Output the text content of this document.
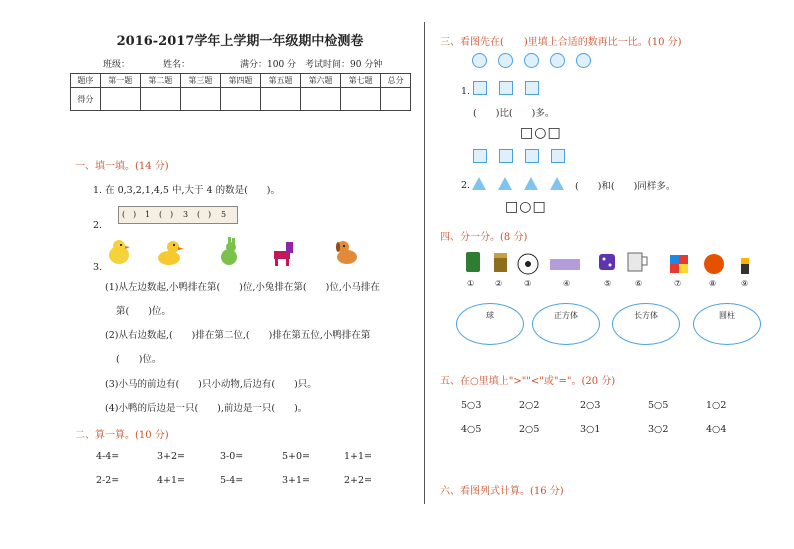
2016-2017学年上学期一年级期中检测卷
班级：	姓名：	满分：100 分 考试时间：90 分钟
题序	第一题	第二题	第三题	第四题	第五题	第六题	第七题	总分
得分								
一、填一填。(14 分)
1. 在 0,3,2,1,4,5 中,大于 4 的数是(　　)。
2.
( ) 1 ( ) 3 ( ) 5
3.
(1)从左边数起,小鸭排在第(　　)位,小兔排在第(　　)位,小马排在
第(　　)位。
(2)从右边数起,(　　)排在第二位,(　　)排在第五位,小鸭排在第
(　　)位。
(3)小马的前边有(　　)只小动物,后边有(　　)只。
(4)小鸭的后边是一只(　　),前边是一只(　　)。
二、算一算。(10 分)
4-4=	3+2=	3-0=	5+0=	1+1=
2-2=	4+1=	5-4=	3+1=	2+2=
三、看图先在(　　)里填上合适的数再比一比。(10 分)
1.
(　　)比(　　)多。
□○□
2.	(　　)和(　　)同样多。
□○□
四、分一分。(8 分)
①	②	③	④	⑤	⑥	⑦	⑧	⑨
球	正方体	长方体	圆柱
五、在○里填上">""<"或"="。(20 分)
5○3	2○2	2○3	5○5	1○2
4○5	2○5	3○1	3○2	4○4
六、看图列式计算。(16 分)
